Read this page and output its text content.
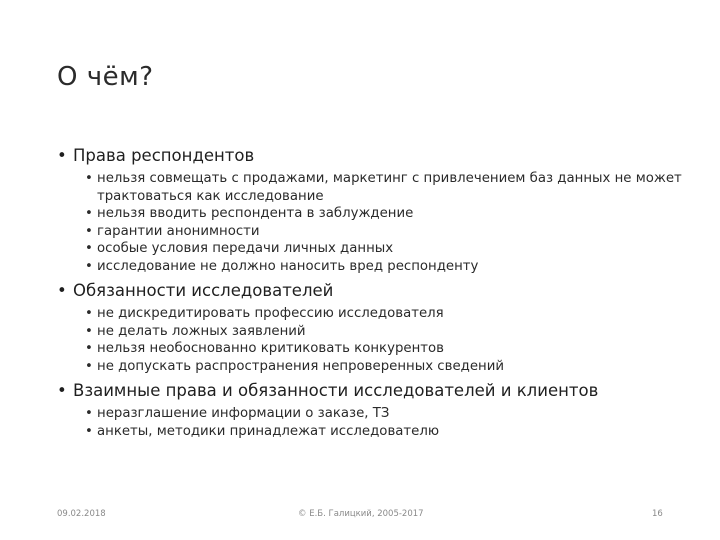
О чём?
• Права респондентов
• нельзя совмещать с продажами, маркетинг с привлечением баз данных не может трактоваться как исследование
• нельзя вводить респондента в заблуждение
• гарантии анонимности
• особые условия передачи личных данных
• исследование не должно наносить вред респонденту
• Обязанности исследователей
• не дискредитировать профессию исследователя
• не делать ложных заявлений
• нельзя необоснованно критиковать конкурентов
• не допускать распространения непроверенных сведений
• Взаимные права и обязанности исследователей и клиентов
• неразглашение информации о заказе, ТЗ
• анкеты, методики принадлежат исследователю
09.02.2018	© Е.Б. Галицкий, 2005-2017	16
